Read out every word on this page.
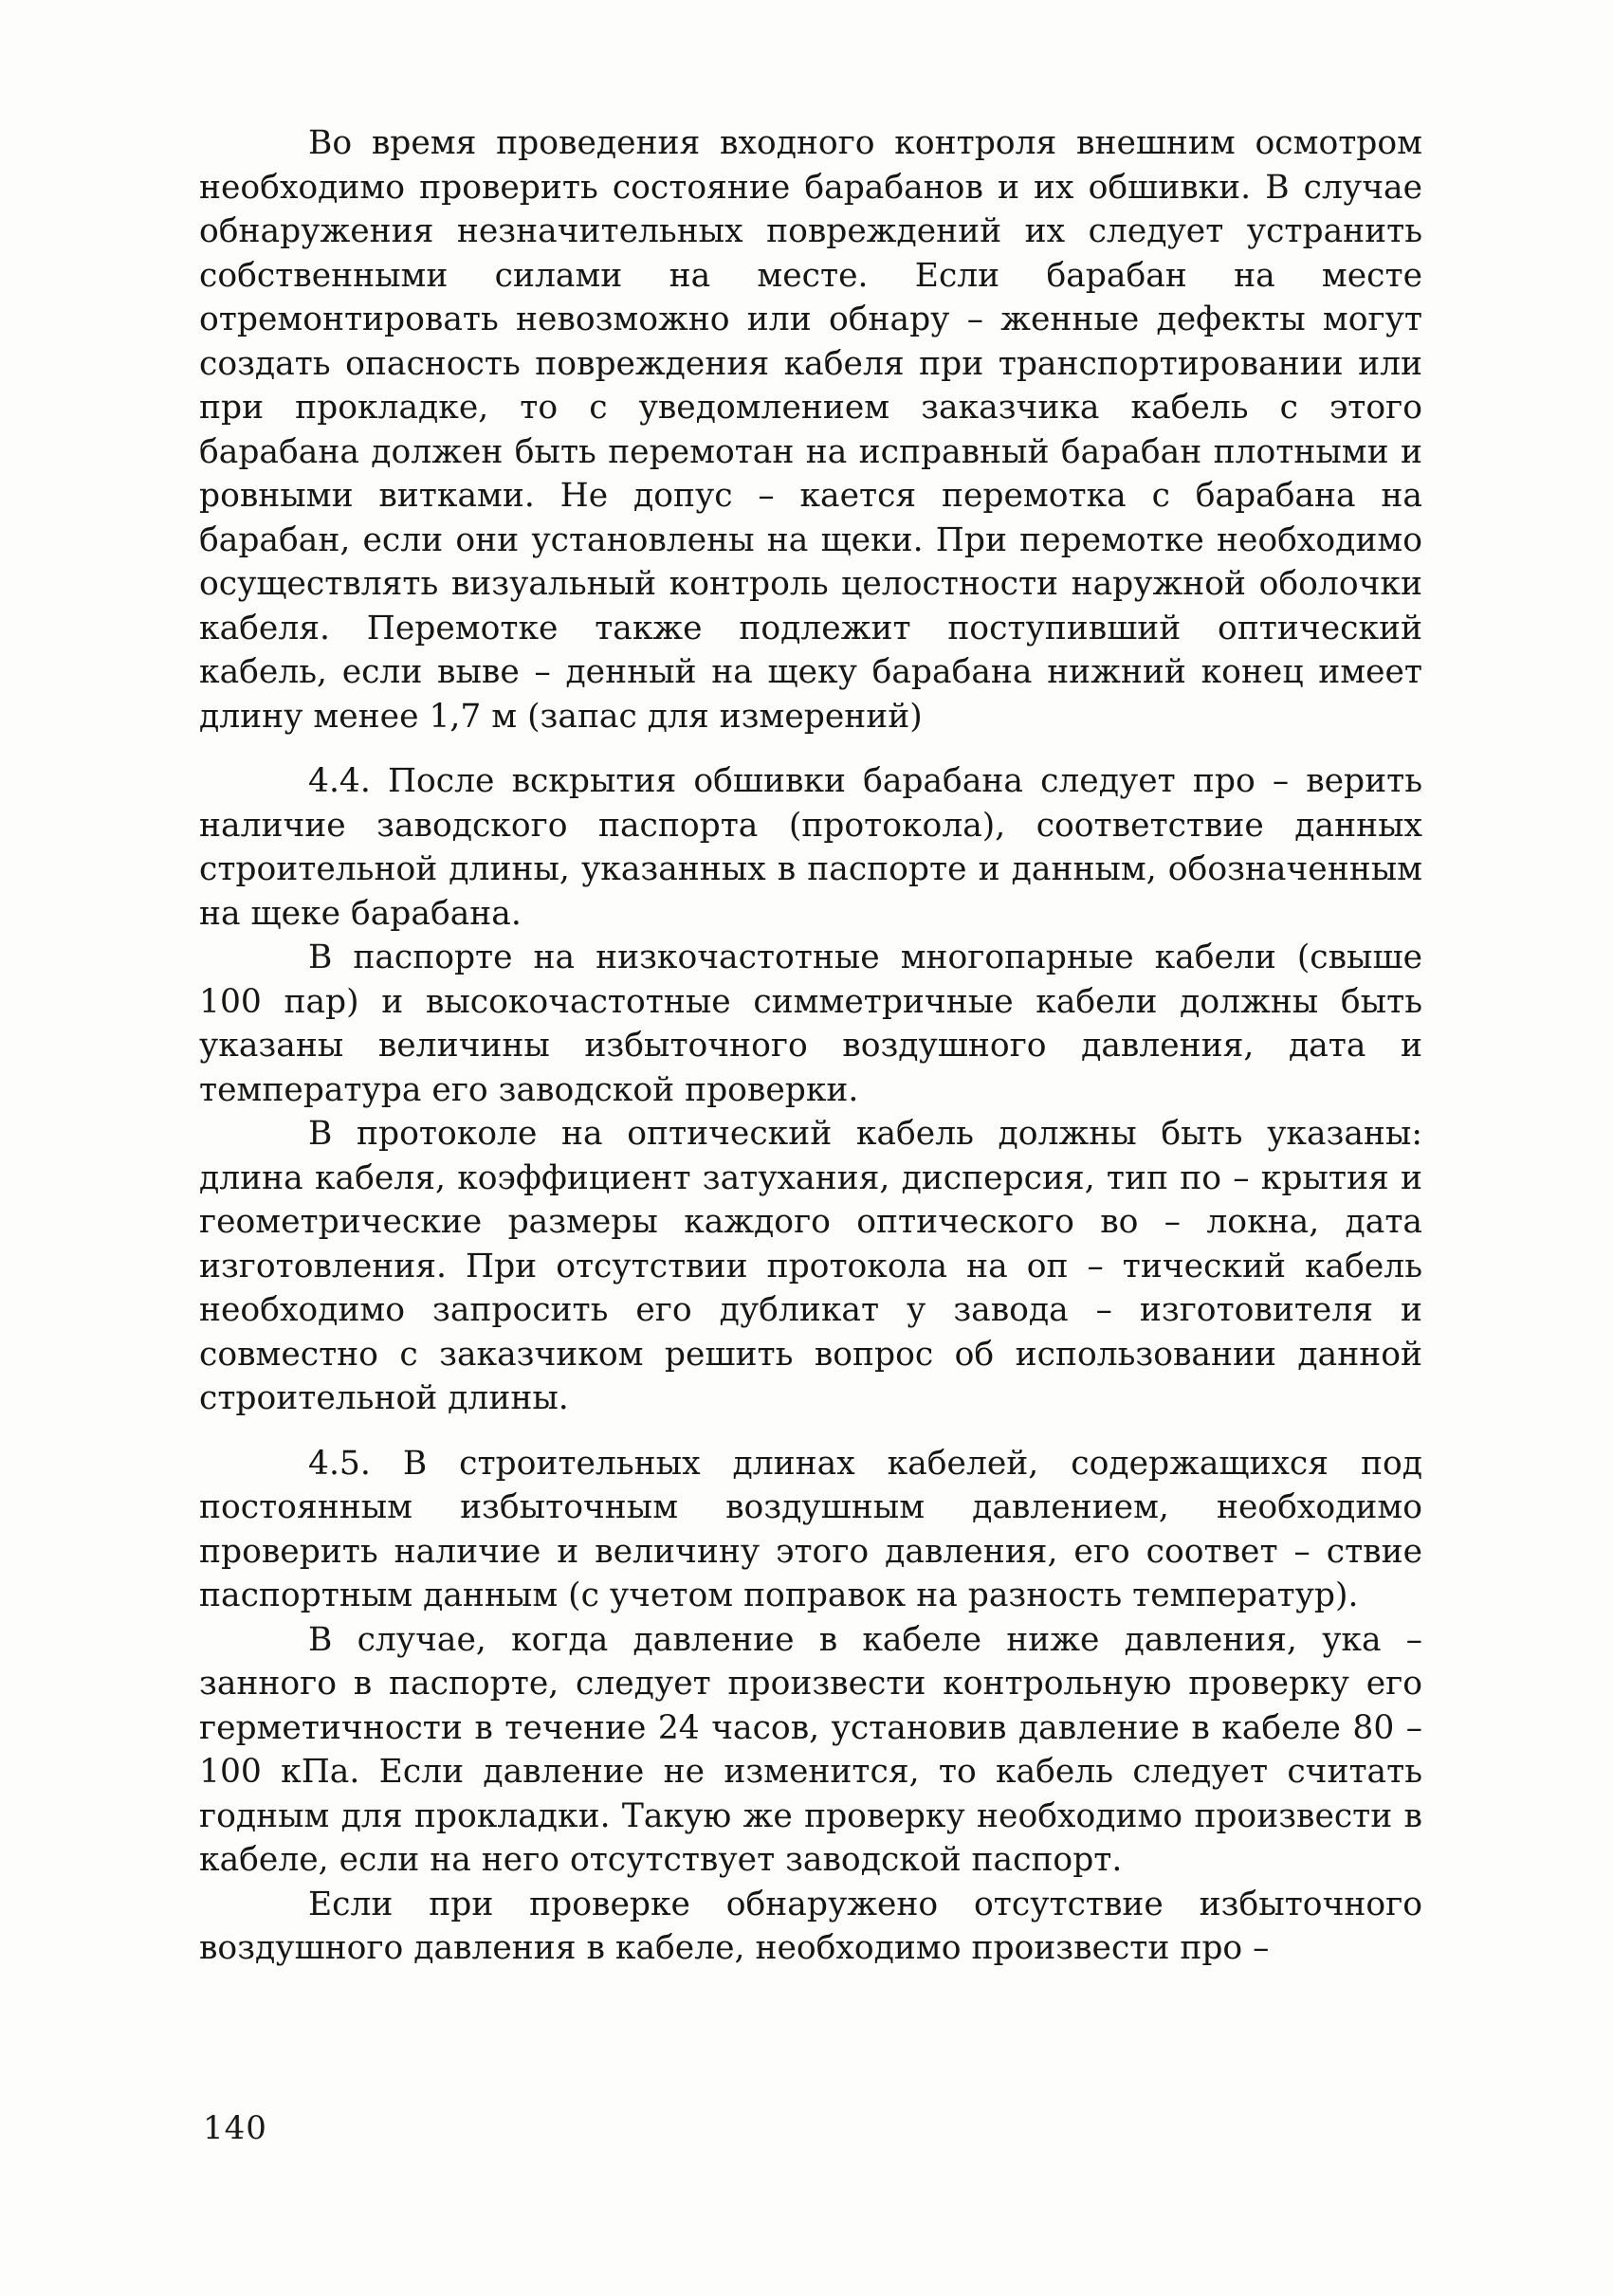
Во время проведения входного контроля внешним осмотром необходимо проверить состояние барабанов и их обшивки. В случае обнаружения незначительных повреждений их следует устранить собственными силами на месте. Если барабан на месте отремонтировать невозможно или обнару – женные дефекты могут создать опасность повреждения кабеля при транспортировании или при прокладке, то с уведомлением заказчика кабель с этого барабана должен быть перемотан на исправный барабан плотными и ровными витками. Не допус – кается перемотка с барабана на барабан, если они установлены на щеки. При перемотке необходимо осуществлять визуальный контроль целостности наружной оболочки кабеля. Перемотке также подлежит поступивший оптический кабель, если выве – денный на щеку барабана нижний конец имеет длину менее 1,7 м (запас для измерений)

4.4. После вскрытия обшивки барабана следует про – верить наличие заводского паспорта (протокола), соответствие данных строительной длины, указанных в паспорте и данным, обозначенным на щеке барабана.

В паспорте на низкочастотные многопарные кабели (свыше 100 пар) и высокочастотные симметричные кабели должны быть указаны величины избыточного воздушного давления, дата и температура его заводской проверки.

В протоколе на оптический кабель должны быть указаны: длина кабеля, коэффициент затухания, дисперсия, тип по – крытия и геометрические размеры каждого оптического во – локна, дата изготовления. При отсутствии протокола на оп – тический кабель необходимо запросить его дубликат у завода – изготовителя и совместно с заказчиком решить вопрос об использовании данной строительной длины.

4.5. В строительных длинах кабелей, содержащихся под постоянным избыточным воздушным давлением, необходимо проверить наличие и величину этого давления, его соответ – ствие паспортным данным (с учетом поправок на разность температур).

В случае, когда давление в кабеле ниже давления, ука – занного в паспорте, следует произвести контрольную проверку его герметичности в течение 24 часов, установив давление в кабеле 80 – 100 кПа. Если давление не изменится, то кабель следует считать годным для прокладки. Такую же проверку необходимо произвести в кабеле, если на него отсутствует заводской паспорт.

Если при проверке обнаружено отсутствие избыточного воздушного давления в кабеле, необходимо произвести про –

140
